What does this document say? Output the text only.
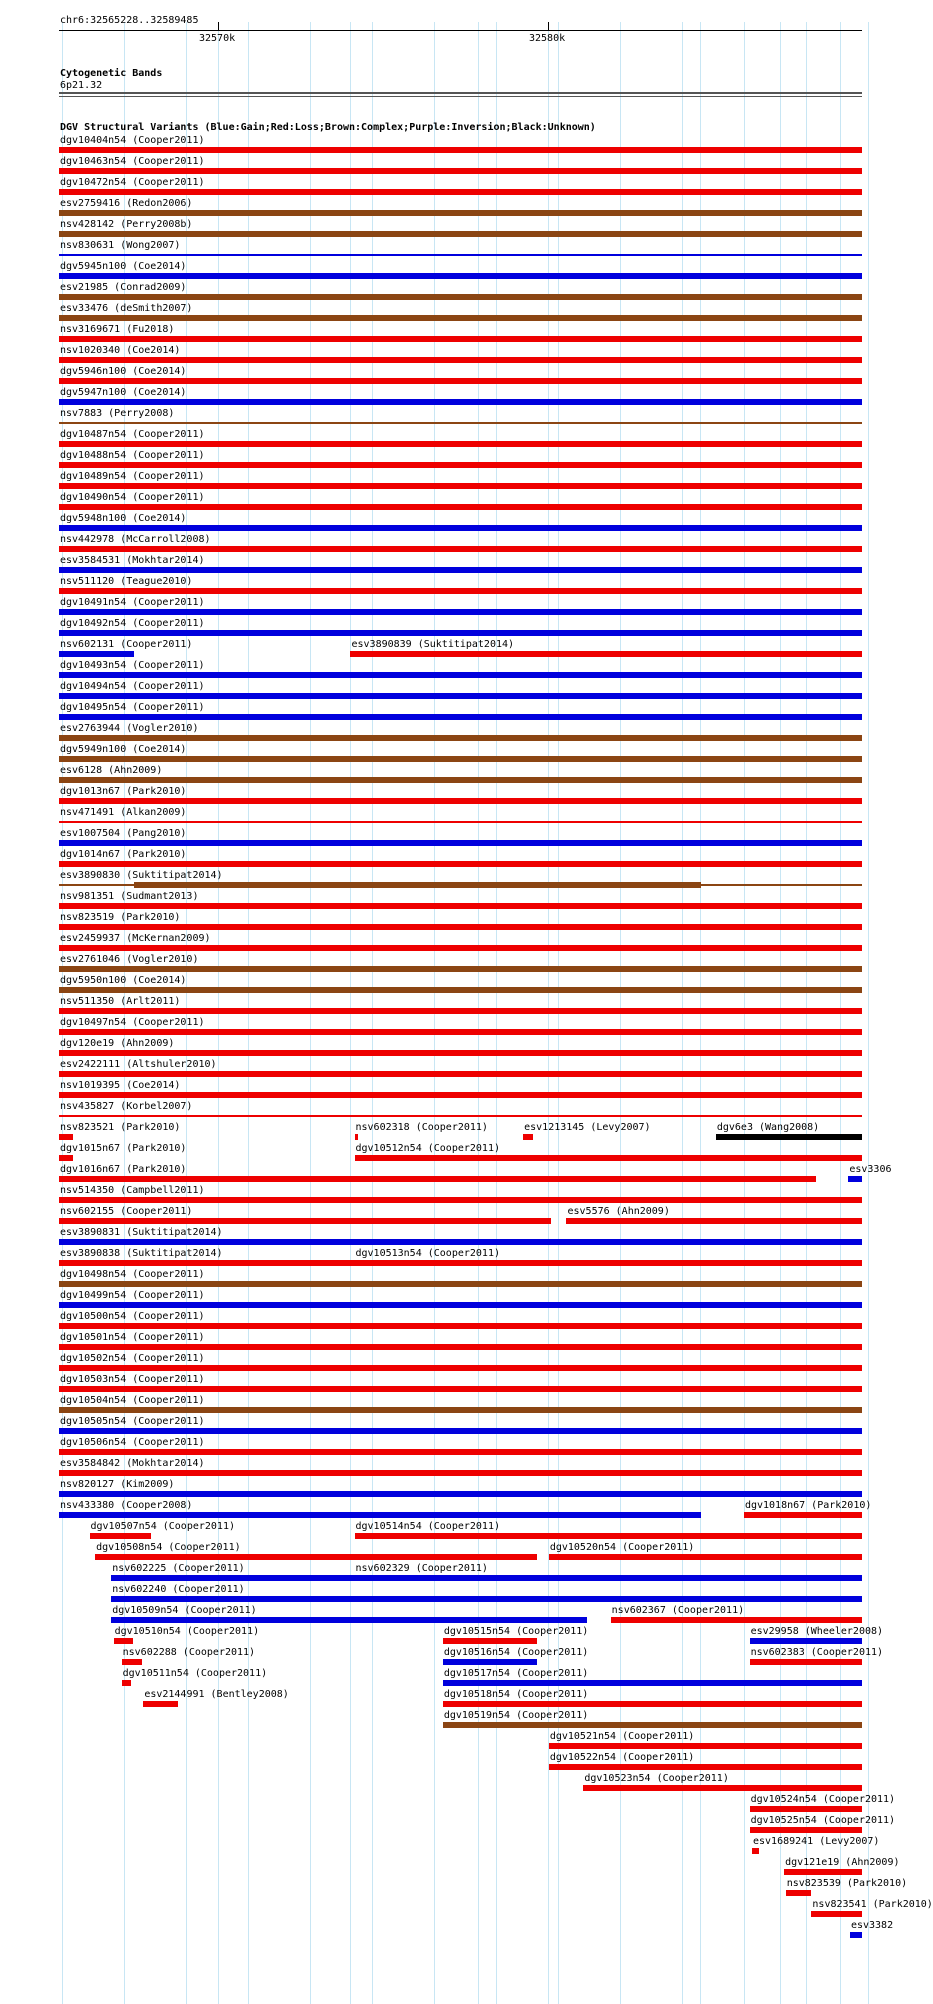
chr6:32565228..32589485
32570k	32580k
Cytogenetic Bands
6p21.32
DGV Structural Variants (Blue:Gain;Red:Loss;Brown:Complex;Purple:Inversion;Black:Unknown)
dgv10404n54 (Cooper2011)
dgv10463n54 (Cooper2011)
dgv10472n54 (Cooper2011)
esv2759416 (Redon2006)
nsv428142 (Perry2008b)
nsv830631 (Wong2007)
dgv5945n100 (Coe2014)
esv21985 (Conrad2009)
esv33476 (deSmith2007)
nsv3169671 (Fu2018)
nsv1020340 (Coe2014)
dgv5946n100 (Coe2014)
dgv5947n100 (Coe2014)
nsv7883 (Perry2008)
dgv10487n54 (Cooper2011)
dgv10488n54 (Cooper2011)
dgv10489n54 (Cooper2011)
dgv10490n54 (Cooper2011)
dgv5948n100 (Coe2014)
nsv442978 (McCarroll2008)
esv3584531 (Mokhtar2014)
nsv511120 (Teague2010)
dgv10491n54 (Cooper2011)
dgv10492n54 (Cooper2011)
nsv602131 (Cooper2011)	esv3890839 (Suktitipat2014)
dgv10493n54 (Cooper2011)
dgv10494n54 (Cooper2011)
dgv10495n54 (Cooper2011)
esv2763944 (Vogler2010)
dgv5949n100 (Coe2014)
esv6128 (Ahn2009)
dgv1013n67 (Park2010)
nsv471491 (Alkan2009)
esv1007504 (Pang2010)
dgv1014n67 (Park2010)
esv3890830 (Suktitipat2014)
nsv981351 (Sudmant2013)
nsv823519 (Park2010)
esv2459937 (McKernan2009)
esv2761046 (Vogler2010)
dgv5950n100 (Coe2014)
nsv511350 (Arlt2011)
dgv10497n54 (Cooper2011)
dgv120e19 (Ahn2009)
esv2422111 (Altshuler2010)
nsv1019395 (Coe2014)
nsv435827 (Korbel2007)
nsv823521 (Park2010)	nsv602318 (Cooper2011)	esv1213145 (Levy2007)	dgv6e3 (Wang2008)
dgv1015n67 (Park2010)	dgv10512n54 (Cooper2011)
dgv1016n67 (Park2010)	esv3306
nsv514350 (Campbell2011)
nsv602155 (Cooper2011)	esv5576 (Ahn2009)
esv3890831 (Suktitipat2014)
esv3890838 (Suktitipat2014)	dgv10513n54 (Cooper2011)
dgv10498n54 (Cooper2011)
dgv10499n54 (Cooper2011)
dgv10500n54 (Cooper2011)
dgv10501n54 (Cooper2011)
dgv10502n54 (Cooper2011)
dgv10503n54 (Cooper2011)
dgv10504n54 (Cooper2011)
dgv10505n54 (Cooper2011)
dgv10506n54 (Cooper2011)
esv3584842 (Mokhtar2014)
nsv820127 (Kim2009)
nsv433380 (Cooper2008)	dgv1018n67 (Park2010)
dgv10507n54 (Cooper2011)	dgv10514n54 (Cooper2011)
dgv10508n54 (Cooper2011)	dgv10520n54 (Cooper2011)
nsv602225 (Cooper2011)	nsv602329 (Cooper2011)
nsv602240 (Cooper2011)
dgv10509n54 (Cooper2011)	nsv602367 (Cooper2011)
dgv10510n54 (Cooper2011)	dgv10515n54 (Cooper2011)	esv29958 (Wheeler2008)
nsv602288 (Cooper2011)	dgv10516n54 (Cooper2011)	nsv602383 (Cooper2011)
dgv10511n54 (Cooper2011)	dgv10517n54 (Cooper2011)
esv2144991 (Bentley2008)	dgv10518n54 (Cooper2011)
dgv10519n54 (Cooper2011)
dgv10521n54 (Cooper2011)
dgv10522n54 (Cooper2011)
dgv10523n54 (Cooper2011)
dgv10524n54 (Cooper2011)
dgv10525n54 (Cooper2011)
esv1689241 (Levy2007)
dgv121e19 (Ahn2009)
nsv823539 (Park2010)
nsv823541 (Park2010)
esv3382
